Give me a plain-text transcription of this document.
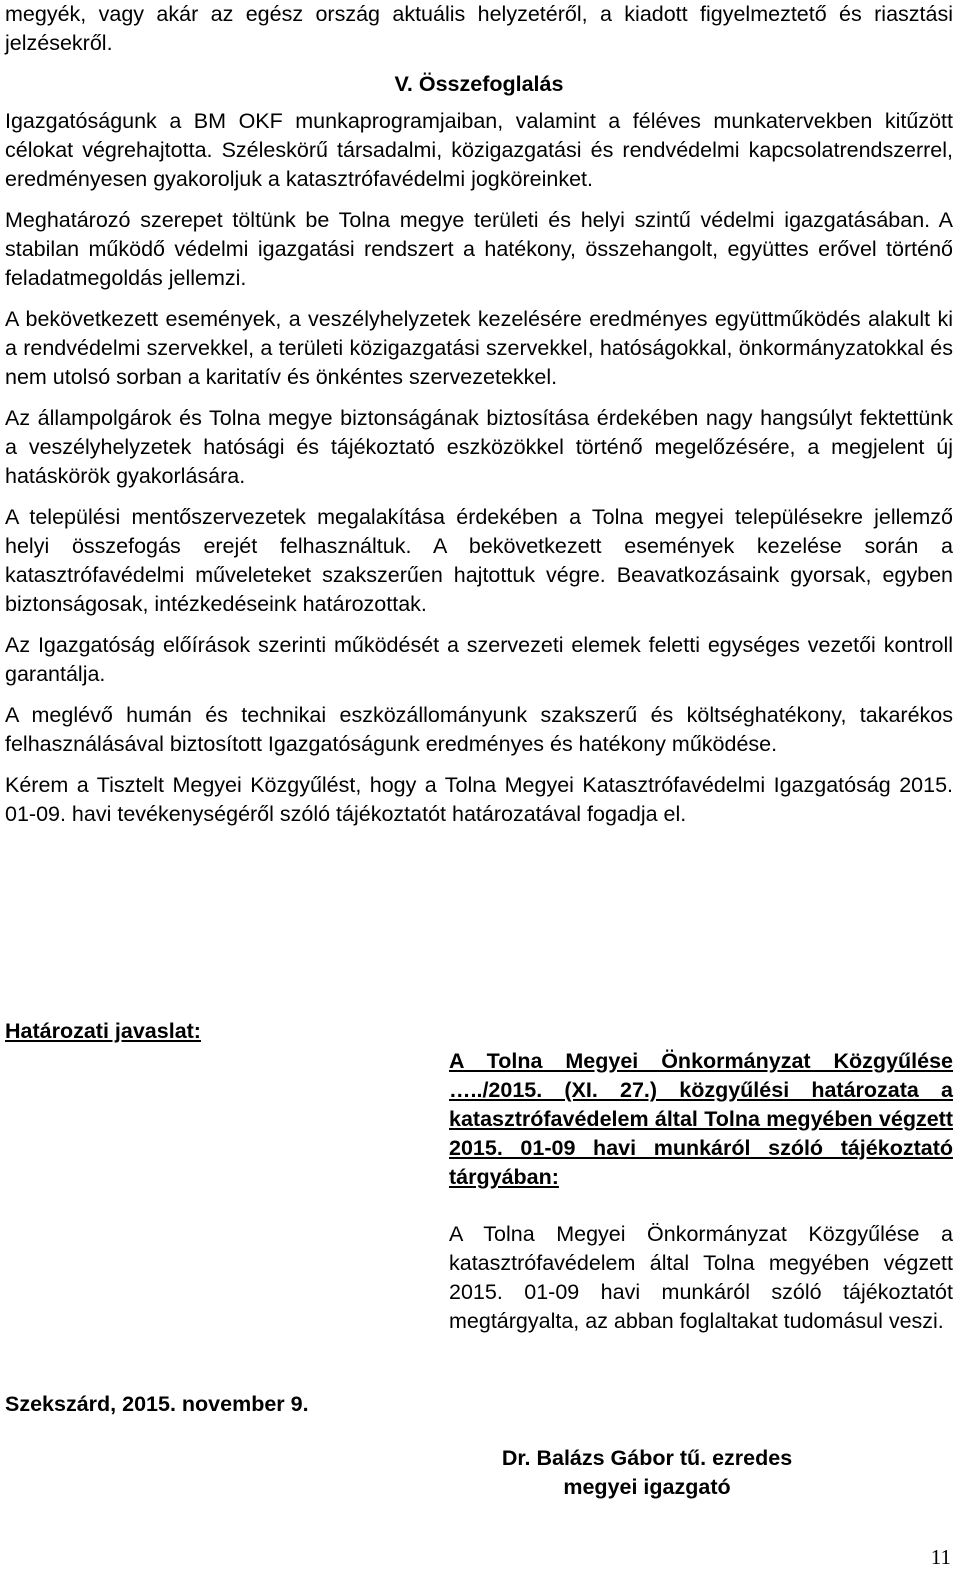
megyék, vagy akár az egész ország aktuális helyzetéről, a kiadott figyelmeztető és riasztási jelzésekről.

V. Összefoglalás

Igazgatóságunk a BM OKF munkaprogramjaiban, valamint a féléves munkatervekben kitűzött célokat végrehajtotta. Széleskörű társadalmi, közigazgatási és rendvédelmi kapcsolatrendszerrel, eredményesen gyakoroljuk a katasztrófavédelmi jogköreinket.

Meghatározó szerepet töltünk be Tolna megye területi és helyi szintű védelmi igazgatásában. A stabilan működő védelmi igazgatási rendszert a hatékony, összehangolt, együttes erővel történő feladatmegoldás jellemzi.

A bekövetkezett események, a veszélyhelyzetek kezelésére eredményes együttműködés alakult ki a rendvédelmi szervekkel, a területi közigazgatási szervekkel, hatóságokkal, önkormányzatokkal és nem utolsó sorban a karitatív és önkéntes szervezetekkel.

Az állampolgárok és Tolna megye biztonságának biztosítása érdekében nagy hangsúlyt fektettünk a veszélyhelyzetek hatósági és tájékoztató eszközökkel történő megelőzésére, a megjelent új hatáskörök gyakorlására.

A települési mentőszervezetek megalakítása érdekében a Tolna megyei településekre jellemző helyi összefogás erejét felhasználtuk. A bekövetkezett események kezelése során a katasztrófavédelmi műveleteket szakszerűen hajtottuk végre. Beavatkozásaink gyorsak, egyben biztonságosak, intézkedéseink határozottak.

Az Igazgatóság előírások szerinti működését a szervezeti elemek feletti egységes vezetői kontroll garantálja.

A meglévő humán és technikai eszközállományunk szakszerű és költséghatékony, takarékos felhasználásával biztosított Igazgatóságunk eredményes és hatékony működése.

Kérem a Tisztelt Megyei Közgyűlést, hogy a Tolna Megyei Katasztrófavédelmi Igazgatóság 2015. 01-09. havi tevékenységéről szóló tájékoztatót határozatával fogadja el.

Határozati javaslat:

A Tolna Megyei Önkormányzat Közgyűlése …../2015. (XI. 27.) közgyűlési határozata a katasztrófavédelem által Tolna megyében végzett 2015. 01-09 havi munkáról szóló tájékoztató tárgyában:

A Tolna Megyei Önkormányzat Közgyűlése a katasztrófavédelem által Tolna megyében végzett 2015. 01-09 havi munkáról szóló tájékoztatót megtárgyalta, az abban foglaltakat tudomásul veszi.

Szekszárd, 2015. november 9.

Dr. Balázs Gábor tű. ezredes
megyei igazgató
11
